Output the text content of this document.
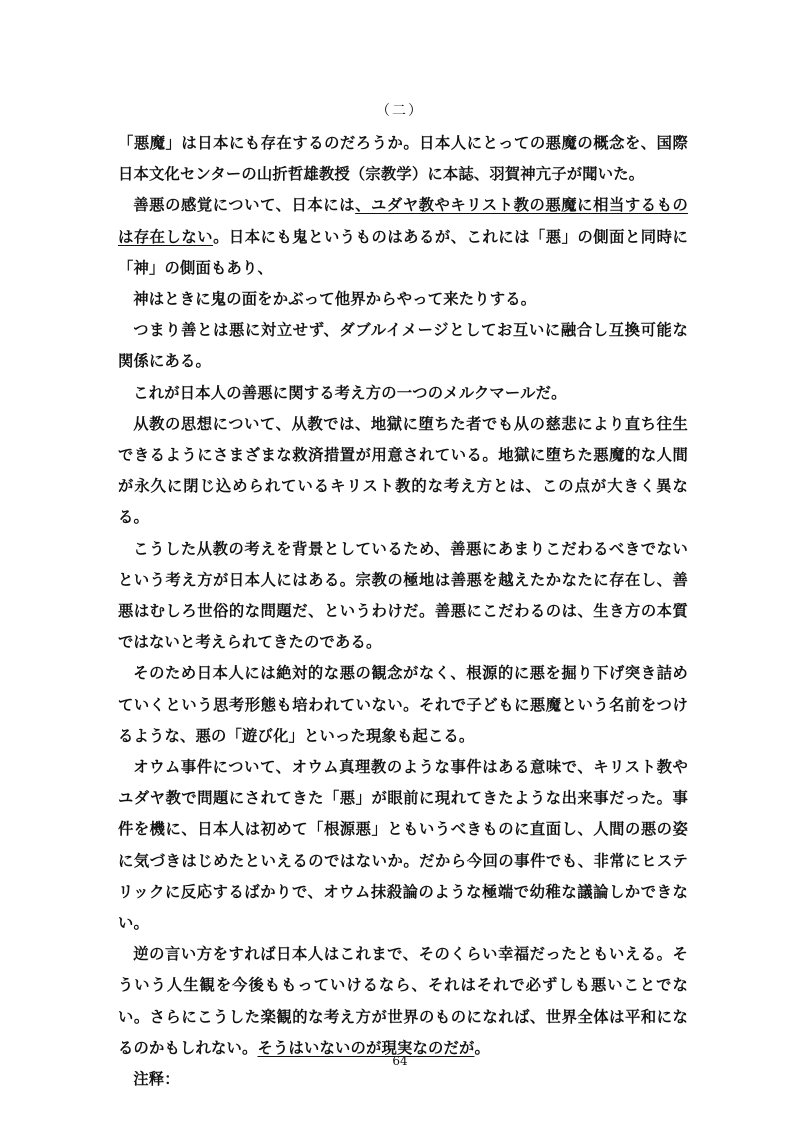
（二）

「悪魔」は日本にも存在するのだろうか。日本人にとっての悪魔の概念を、国際日本文化センターの山折哲雄教授（宗教学）に本誌、羽賀神亢子が聞いた。

善悪の感覚について、日本には、ユダヤ教やキリスト教の悪魔に相当するものは存在しない。日本にも鬼というものはあるが、これには「悪」の側面と同時に「神」の側面もあり、

神はときに鬼の面をかぶって他界からやって来たりする。

つまり善とは悪に対立せず、ダブルイメージとしてお互いに融合し互換可能な関係にある。

これが日本人の善悪に関する考え方の一つのメルクマールだ。

从教の思想について、从教では、地獄に堕ちた者でも从の慈悲により直ち往生できるようにさまざまな救済措置が用意されている。地獄に堕ちた悪魔的な人間が永久に閉じ込められているキリスト教的な考え方とは、この点が大きく異なる。

こうした从教の考えを背景としているため、善悪にあまりこだわるべきでないという考え方が日本人にはある。宗教の極地は善悪を越えたかなたに存在し、善悪はむしろ世俗的な問題だ、というわけだ。善悪にこだわるのは、生き方の本質ではないと考えられてきたのである。

そのため日本人には絶対的な悪の観念がなく、根源的に悪を掘り下げ突き詰めていくという思考形態も培われていない。それで子どもに悪魔という名前をつけるような、悪の「遊び化」といった現象も起こる。

オウム事件について、オウム真理教のような事件はある意味で、キリスト教やユダヤ教で問題にされてきた「悪」が眼前に現れてきたような出来事だった。事件を機に、日本人は初めて「根源悪」ともいうべきものに直面し、人間の悪の姿に気づきはじめたといえるのではないか。だから今回の事件でも、非常にヒステリックに反応するばかりで、オウム抹殺論のような極端で幼稚な議論しかできない。

逆の言い方をすれば日本人はこれまで、そのくらい幸福だったともいえる。そういう人生観を今後ももっていけるなら、それはそれで必ずしも悪いことでない。さらにこうした楽観的な考え方が世界のものになれば、世界全体は平和になるのかもしれない。そうはいないのが現実なのだが。

注释：

64
